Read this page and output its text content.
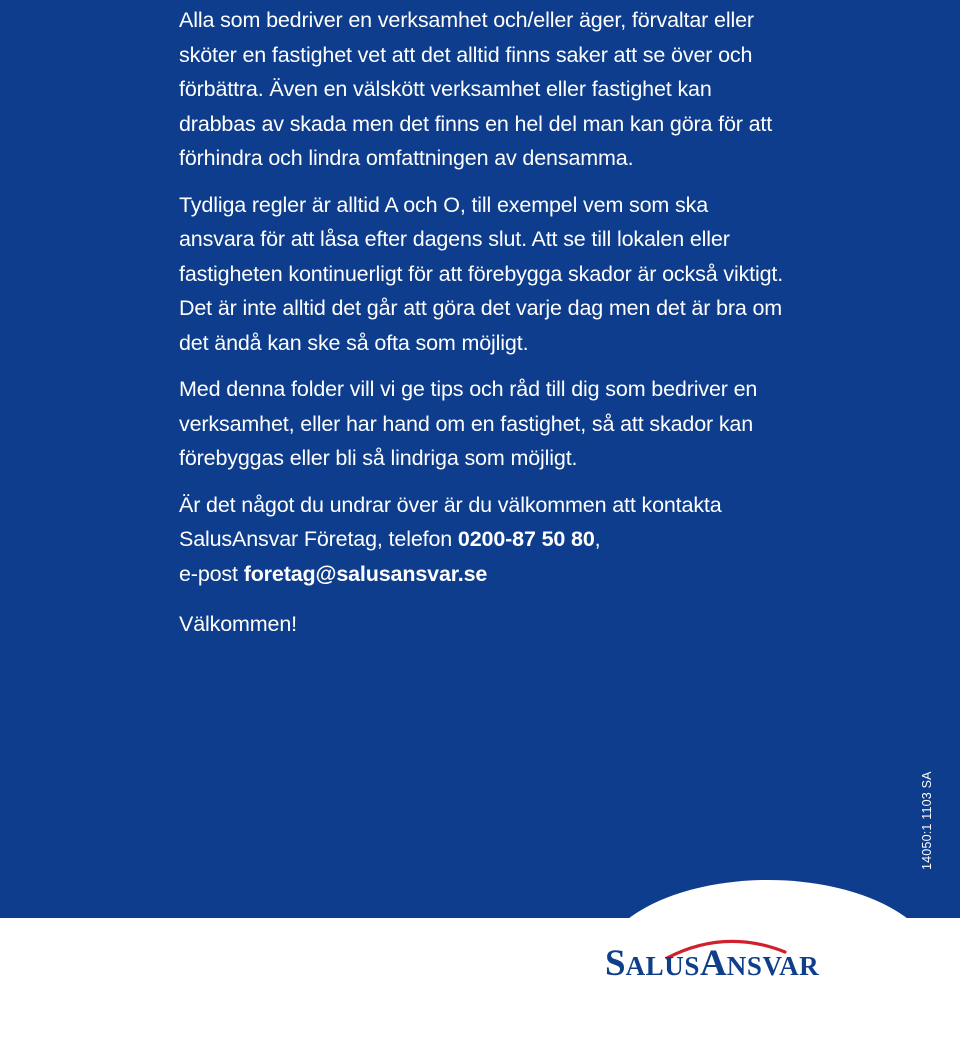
Alla som bedriver en verksamhet och/eller äger, förvaltar eller sköter en fastighet vet att det alltid finns saker att se över och förbättra. Även en välskött verksamhet eller fastighet kan drabbas av skada men det finns en hel del man kan göra för att förhindra och lindra omfattningen av densamma.

Tydliga regler är alltid A och O, till exempel vem som ska ansvara för att låsa efter dagens slut. Att se till lokalen eller fastigheten kontinuerligt för att förebygga skador är också viktigt. Det är inte alltid det går att göra det varje dag men det är bra om det ändå kan ske så ofta som möjligt.

Med denna folder vill vi ge tips och råd till dig som bedriver en verksamhet, eller har hand om en fastighet, så att skador kan förebyggas eller bli så lindriga som möjligt.

Är det något du undrar över är du välkommen att kontakta SalusAnsvar Företag, telefon 0200-87 50 80,
e-post foretag@salusansvar.se

Välkommen!

14050:1 1103 SA
SALUSANSVAR
